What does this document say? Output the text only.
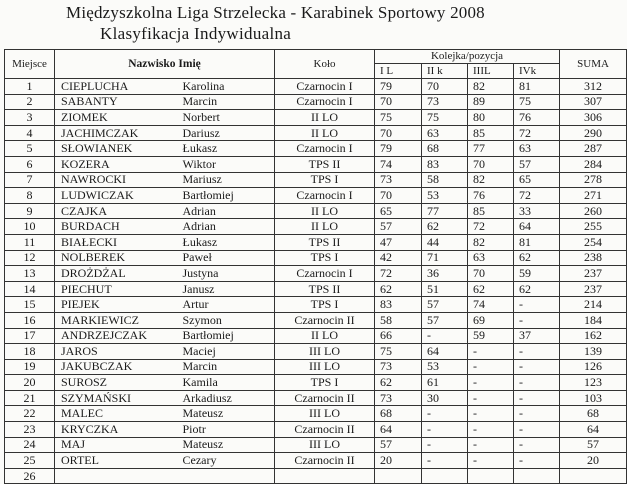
Międzyszkolna Liga Strzelecka - Karabinek Sportowy 2008
Klasyfikacja Indywidualna
Miejsce	Nazwisko Imię		Koło	Kolejka/pozycja				SUMA
				I L	II k	IIIL	IVk	
1	CIEPLUCHA	Karolina	Czarnocin I	79	70	82	81	312
2	SABANTY	Marcin	Czarnocin I	70	73	89	75	307
3	ZIOMEK	Norbert	II LO	75	75	80	76	306
4	JACHIMCZAK	Dariusz	II LO	70	63	85	72	290
5	SŁOWIANEK	Łukasz	Czarnocin I	79	68	77	63	287
6	KOZERA	Wiktor	TPS II	74	83	70	57	284
7	NAWROCKI	Mariusz	TPS I	73	58	82	65	278
8	LUDWICZAK	Bartłomiej	Czarnocin I	70	53	76	72	271
9	CZAJKA	Adrian	II LO	65	77	85	33	260
10	BURDACH	Adrian	II LO	57	62	72	64	255
11	BIAŁECKI	Łukasz	TPS II	47	44	82	81	254
12	NOLBEREK	Paweł	TPS I	42	71	63	62	238
13	DROŻDŻAL	Justyna	Czarnocin I	72	36	70	59	237
14	PIECHUT	Janusz	TPS II	62	51	62	62	237
15	PIEJEK	Artur	TPS I	83	57	74	-	214
16	MARKIEWICZ	Szymon	Czarnocin II	58	57	69	-	184
17	ANDRZEJCZAK	Bartłomiej	II LO	66	-	59	37	162
18	JAROS	Maciej	III LO	75	64	-	-	139
19	JAKUBCZAK	Marcin	III LO	73	53	-	-	126
20	SUROSZ	Kamila	TPS I	62	61	-	-	123
21	SZYMAŃSKI	Arkadiusz	Czarnocin II	73	30	-	-	103
22	MALEC	Mateusz	III LO	68	-	-	-	68
23	KRYCZKA	Piotr	Czarnocin II	64	-	-	-	64
24	MAJ	Mateusz	III LO	57	-	-	-	57
25	ORTEL	Cezary	Czarnocin II	20	-	-	-	20
26								
